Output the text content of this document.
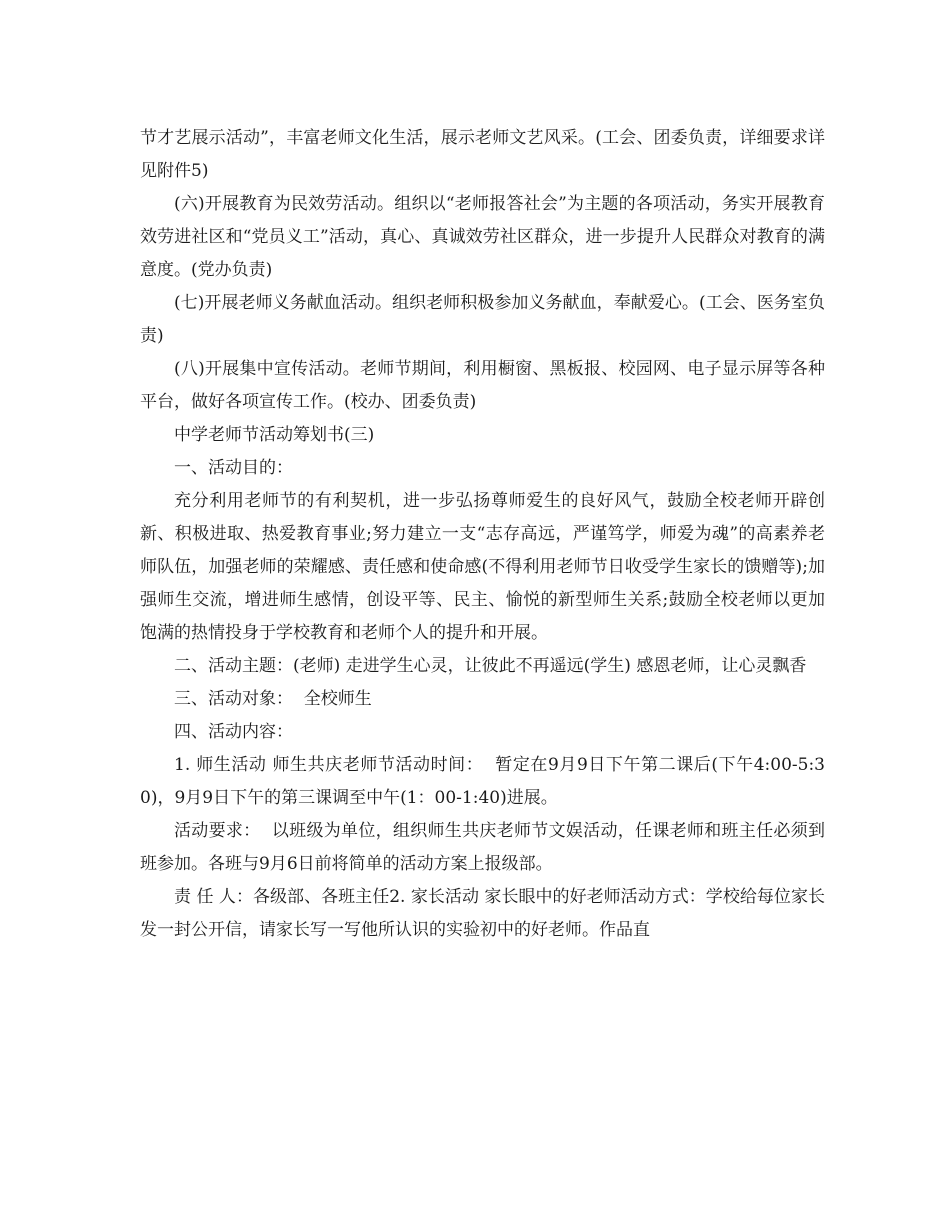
节才艺展示活动”，丰富老师文化生活，展示老师文艺风采。(工会、团委负责，详细要求详见附件5)

(六)开展教育为民效劳活动。组织以“老师报答社会”为主题的各项活动，务实开展教育效劳进社区和“党员义工”活动，真心、真诚效劳社区群众，进一步提升人民群众对教育的满意度。(党办负责)

(七)开展老师义务献血活动。组织老师积极参加义务献血，奉献爱心。(工会、医务室负责)

(八)开展集中宣传活动。老师节期间，利用橱窗、黑板报、校园网、电子显示屏等各种平台，做好各项宣传工作。(校办、团委负责)

中学老师节活动筹划书(三)

一、活动目的：

充分利用老师节的有利契机，进一步弘扬尊师爱生的良好风气，鼓励全校老师开辟创新、积极进取、热爱教育事业;努力建立一支“志存高远，严谨笃学，师爱为魂”的高素养老师队伍，加强老师的荣耀感、责任感和使命感(不得利用老师节日收受学生家长的馈赠等);加强师生交流，增进师生感情，创设平等、民主、愉悦的新型师生关系;鼓励全校老师以更加饱满的热情投身于学校教育和老师个人的提升和开展。

二、活动主题：(老师) 走进学生心灵，让彼此不再遥远(学生) 感恩老师，让心灵飘香

三、活动对象：  全校师生

四、活动内容：

1. 师生活动 师生共庆老师节活动时间：  暂定在9月9日下午第二课后(下午4:00-5:30)，9月9日下午的第三课调至中午(1：00-1:40)进展。

活动要求：  以班级为单位，组织师生共庆老师节文娱活动，任课老师和班主任必须到班参加。各班与9月6日前将简单的活动方案上报级部。

责 任 人：各级部、各班主任2. 家长活动 家长眼中的好老师活动方式：学校给每位家长发一封公开信，请家长写一写他所认识的实验初中的好老师。作品直
